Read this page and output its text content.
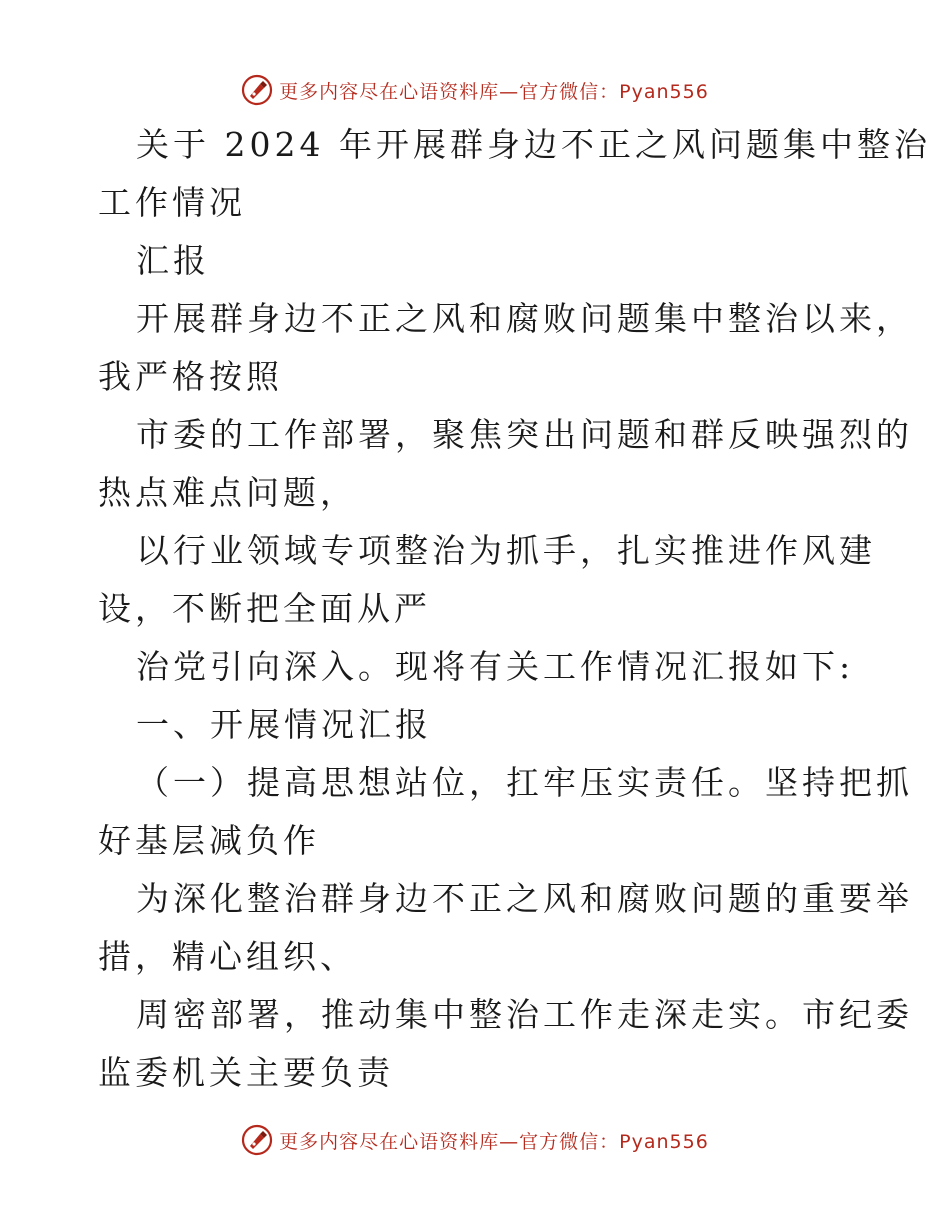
更多内容尽在心语资料库—官方微信：Pyan556
关于 2024 年开展群身边不正之风问题集中整治
工作情况
汇报
开展群身边不正之风和腐败问题集中整治以来，
我严格按照
市委的工作部署，聚焦突出问题和群反映强烈的
热点难点问题，
以行业领域专项整治为抓手，扎实推进作风建
设，不断把全面从严
治党引向深入。现将有关工作情况汇报如下:
一、开展情况汇报
（一）提高思想站位，扛牢压实责任。坚持把抓
好基层减负作
为深化整治群身边不正之风和腐败问题的重要举
措，精心组织、
周密部署，推动集中整治工作走深走实。市纪委
监委机关主要负责
更多内容尽在心语资料库—官方微信：Pyan556
